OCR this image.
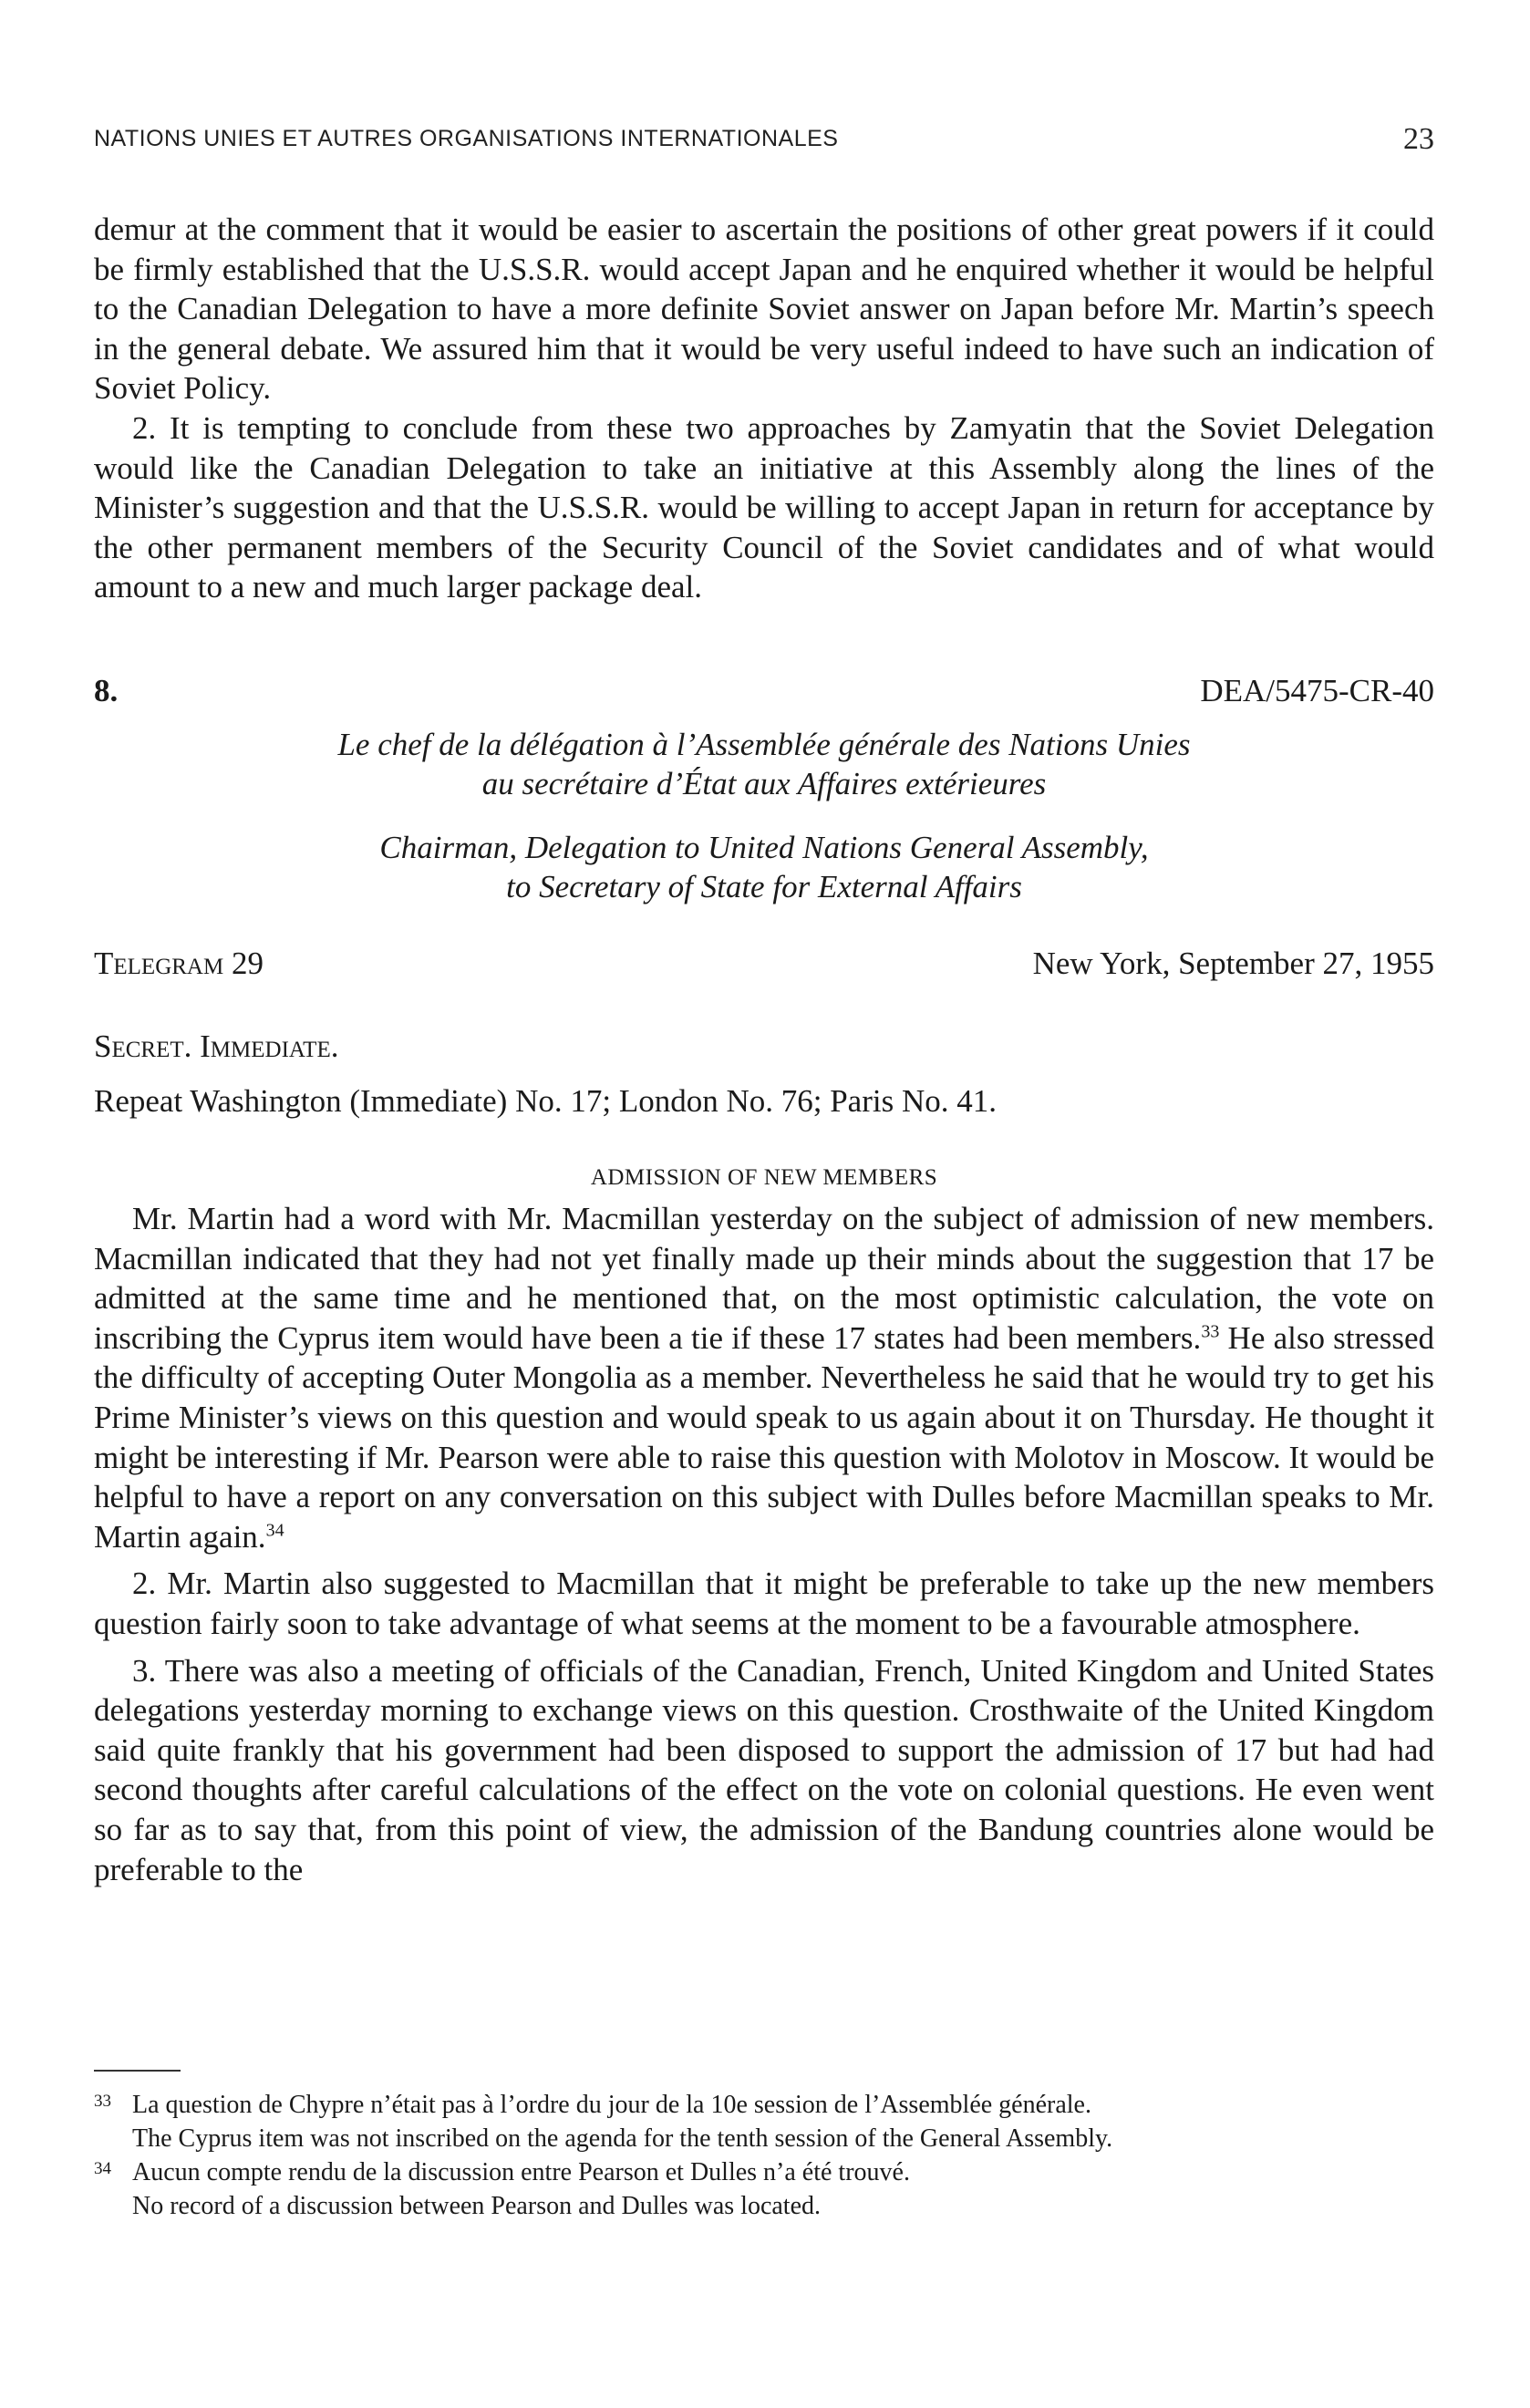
NATIONS UNIES ET AUTRES ORGANISATIONS INTERNATIONALES	23

demur at the comment that it would be easier to ascertain the positions of other great powers if it could be firmly established that the U.S.S.R. would accept Japan and he enquired whether it would be helpful to the Canadian Delegation to have a more definite Soviet answer on Japan before Mr. Martin’s speech in the general debate. We assured him that it would be very useful indeed to have such an indication of Soviet Policy.

2. It is tempting to conclude from these two approaches by Zamyatin that the Soviet Delegation would like the Canadian Delegation to take an initiative at this Assembly along the lines of the Minister’s suggestion and that the U.S.S.R. would be willing to accept Japan in return for acceptance by the other permanent members of the Security Council of the Soviet candidates and of what would amount to a new and much larger package deal.

8.	DEA/5475-CR-40
Le chef de la délégation à l’Assemblée générale des Nations Unies
au secrétaire d’État aux Affaires extérieures
Chairman, Delegation to United Nations General Assembly,
to Secretary of State for External Affairs
Telegram 29	New York, September 27, 1955
Secret. Immediate.
Repeat Washington (Immediate) No. 17; London No. 76; Paris No. 41.
ADMISSION OF NEW MEMBERS

Mr. Martin had a word with Mr. Macmillan yesterday on the subject of admission of new members. Macmillan indicated that they had not yet finally made up their minds about the suggestion that 17 be admitted at the same time and he mentioned that, on the most optimistic calculation, the vote on inscribing the Cyprus item would have been a tie if these 17 states had been members.$^{33}$ He also stressed the difficulty of accepting Outer Mongolia as a member. Nevertheless he said that he would try to get his Prime Minister’s views on this question and would speak to us again about it on Thursday. He thought it might be interesting if Mr. Pearson were able to raise this question with Molotov in Moscow. It would be helpful to have a report on any conversation on this subject with Dulles before Macmillan speaks to Mr. Martin again.$^{34}$

2. Mr. Martin also suggested to Macmillan that it might be preferable to take up the new members question fairly soon to take advantage of what seems at the moment to be a favourable atmosphere.

3. There was also a meeting of officials of the Canadian, French, United Kingdom and United States delegations yesterday morning to exchange views on this question. Crosthwaite of the United Kingdom said quite frankly that his government had been disposed to support the admission of 17 but had had second thoughts after careful calculations of the effect on the vote on colonial questions. He even went so far as to say that, from this point of view, the admission of the Bandung countries alone would be preferable to the

33 La question de Chypre n’était pas à l’ordre du jour de la 10e session de l’Assemblée générale.

The Cyprus item was not inscribed on the agenda for the tenth session of the General Assembly.

34 Aucun compte rendu de la discussion entre Pearson et Dulles n’a été trouvé.

No record of a discussion between Pearson and Dulles was located.
